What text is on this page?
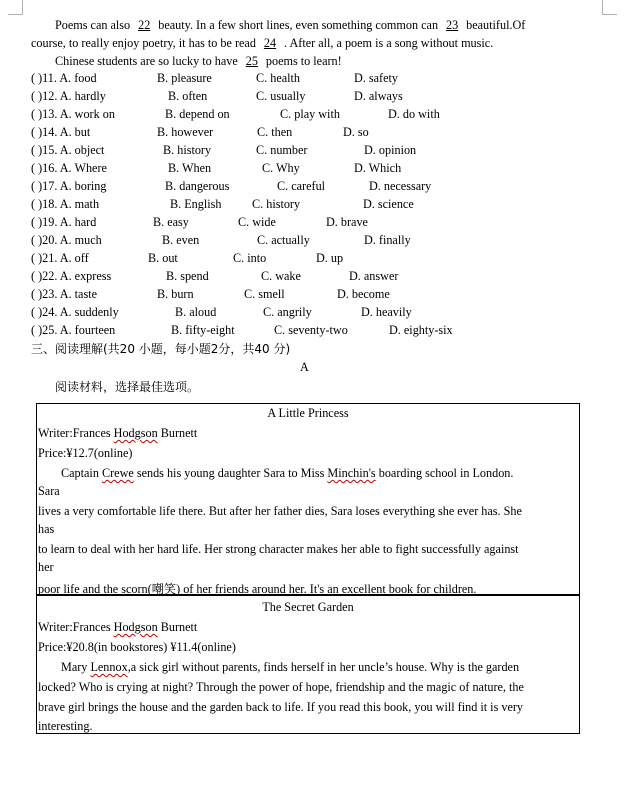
Poems can also 22 beauty. In a few short lines, even something common can 23 beautiful.Of
course, to really enjoy poetry, it has to be read 24 . After all, a poem is a song without music.
Chinese students are so lucky to have 25 poems to learn!
( )11. A. food	B. pleasure	C. health	D. safety
( )12. A. hardly	B. often	C. usually	D. always
( )13. A. work on	B. depend on	C. play with	D. do with
( )14. A. but	B. however	C. then	D. so
( )15. A. object	B. history	C. number	D. opinion
( )16. A. Where	B. When	C. Why	D. Which
( )17. A. boring	B. dangerous	C. careful	D. necessary
( )18. A. math	B. English	C. history	D. science
( )19. A. hard	B. easy	C. wide	D. brave
( )20. A. much	B. even	C. actually	D. finally
( )21. A. off	B. out	C. into	D. up
( )22. A. express	B. spend	C. wake	D. answer
( )23. A. taste	B. burn	C. smell	D. become
( )24. A. suddenly	B. aloud	C. angrily	D. heavily
( )25. A. fourteen	B. fifty-eight	C. seventy-two	D. eighty-six
三、阅读理解(共20 小题，每小题2分，共40 分)
A
阅读材料，选择最佳选项。
A Little Princess
Writer:Frances Hodgson Burnett
Price:¥12.7(online)
Captain Crewe sends his young daughter Sara to Miss Minchin's boarding school in London.
Sara
lives a very comfortable life there. But after her father dies, Sara loses everything she ever has. She
has
to learn to deal with her hard life. Her strong character makes her able to fight successfully against
her
poor life and the scorn(嘲笑) of her friends around her. It's an excellent book for children.
The Secret Garden
Writer:Frances Hodgson Burnett
Price:¥20.8(in bookstores) ¥11.4(online)
Mary Lennox,a sick girl without parents, finds herself in her uncle’s house. Why is the garden
locked? Who is crying at night? Through the power of hope, friendship and the magic of nature, the
brave girl brings the house and the garden back to life. If you read this book, you will find it is very
interesting.
